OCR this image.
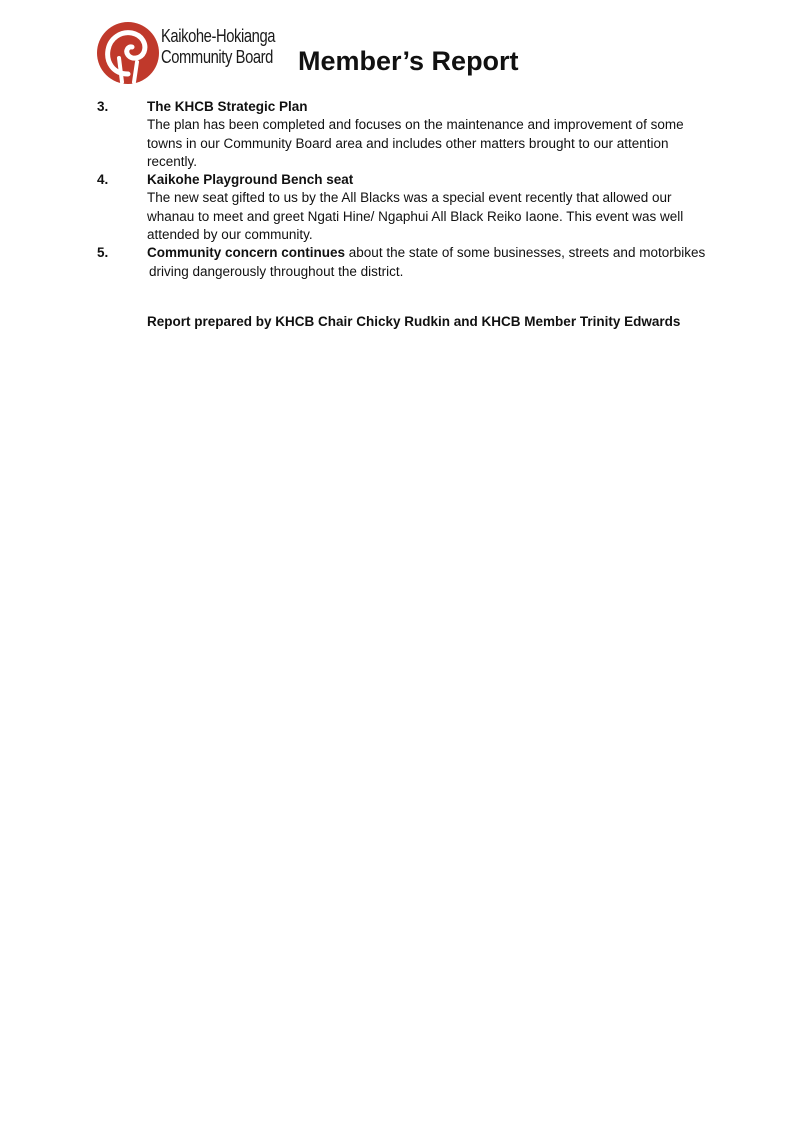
Kaikohe-Hokianga
Community Board Member’s Report
3.	The KHCB Strategic Plan

The plan has been completed and focuses on the maintenance and improvement of some towns in our Community Board area and includes other matters brought to our attention recently.

4.	Kaikohe Playground Bench seat

The new seat gifted to us by the All Blacks was a special event recently that allowed our whanau to meet and greet Ngati Hine/ Ngaphui All Black Reiko Iaone. This event was well attended by our community.

5.	Community concern continues about the state of some businesses, streets and motorbikes
driving dangerously throughout the district.

Report prepared by KHCB Chair Chicky Rudkin and KHCB Member Trinity Edwards
